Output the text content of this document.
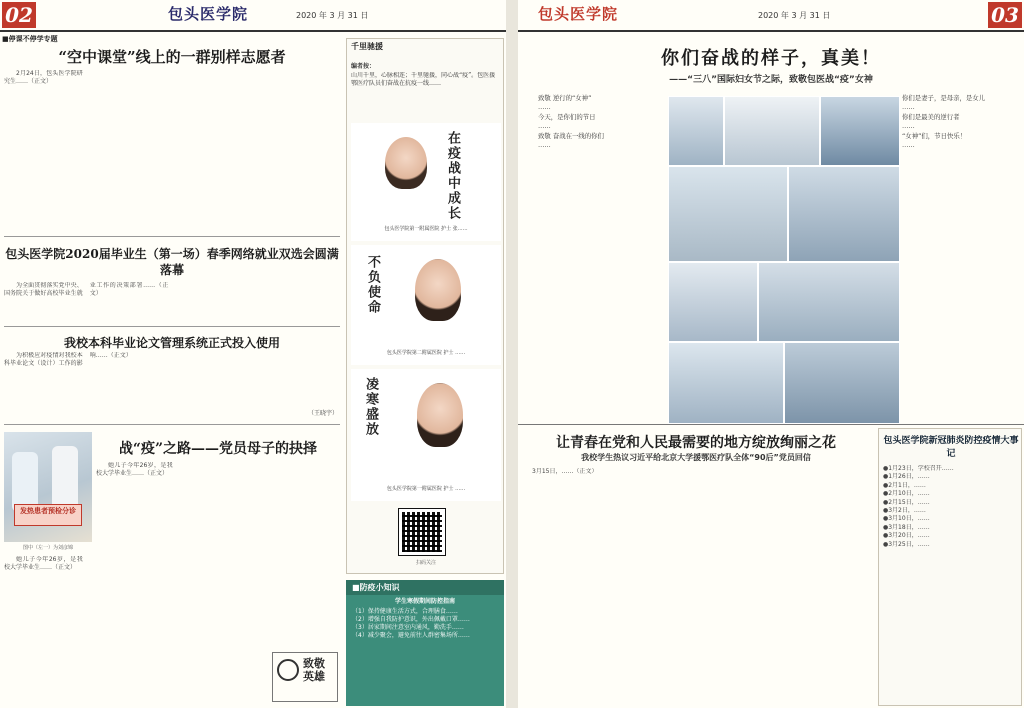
02	包头医学院	2020 年 3 月 31 日
■停课不停学专题
“空中课堂”线上的一群别样志愿者

2月24日，包头医学院研究生……（正文）

包头医学院2020届毕业生（第一场）春季网络就业双选会圆满落幕

为全面贯彻落实党中央、国务院关于做好高校毕业生就业工作的决策部署……（正文）

我校本科毕业论文管理系统正式投入使用

为积极应对疫情对我校本科毕业论文（设计）工作的影响……（正文）

（王晓宇）
发热患者预检分诊
图中（左一）为刘彦锦
战“疫”之路——党员母子的抉择

她儿子今年26岁，是我校大学毕业生……（正文）

她儿子今年26岁，是我校大学毕业生……（正文）

千里驰援
编者按：
山川千里，心脉相连；千里驰援，同心战“疫”。包医援鄂医疗队员们奋战在抗疫一线……
在疫战中成长
包头医学院第一附属医院 护士 张……
不负使命
包头医学院第二附属医院 护士 ……
凌寒盛放
包头医学院第一附属医院 护士 ……
扫码关注
■防疫小知识
学生寒假期间防控指南
（1）保持健康生活方式，合理膳食……
（2）增强自我防护意识，外出佩戴口罩……
（3）居家期间注意室内通风，勤洗手……
（4）减少聚会，避免前往人群密集场所……
致敬英雄
包头医学院	2020 年 3 月 31 日	03
你们奋战的样子，真美！
——“三八”国际妇女节之际，致敬包医战“疫”女神
致敬 逆行的“女神”
……
今天，是你们的节日
……
致敬 奋战在一线的你们
……
你们是妻子，是母亲，是女儿
……
你们是最美的逆行者
……
“女神”们，节日快乐！
……
让青春在党和人民最需要的地方绽放绚丽之花
我校学生热议习近平给北京大学援鄂医疗队全体“90后”党员回信

3月15日，……（正文）

包头医学院新冠肺炎防控疫情大事记
●1月23日，学校召开……
●1月26日，……
●2月1日，……
●2月10日，……
●2月15日，……
●3月2日，……
●3月10日，……
●3月18日，……
●3月20日，……
●3月25日，……
